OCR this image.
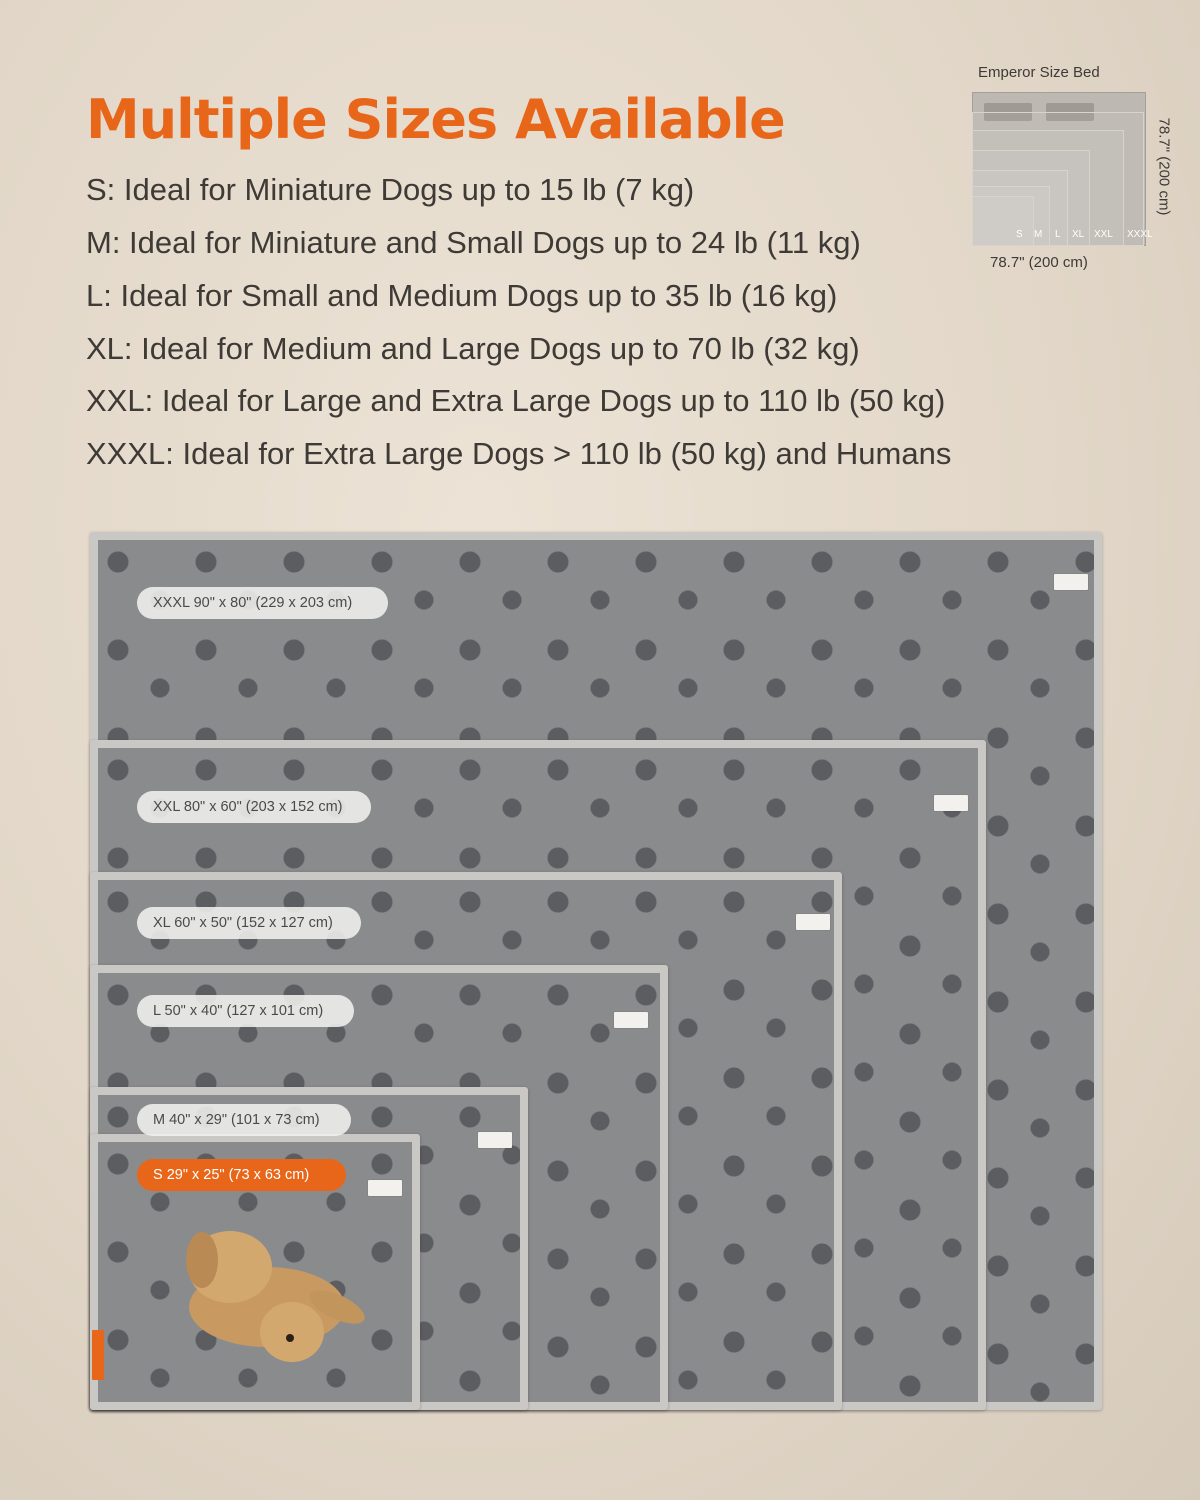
Multiple Sizes Available

S: Ideal for Miniature Dogs up to 15 lb (7 kg)

M: Ideal for Miniature and Small Dogs up to 24 lb (11 kg)

L: Ideal for Small and Medium Dogs up to 35 lb (16 kg)

XL: Ideal for Medium and Large Dogs up to 70 lb (32 kg)

XXL: Ideal for Large and Extra Large Dogs up to 110 lb (50 kg)

XXXL: Ideal for Extra Large Dogs > 110 lb (50 kg) and Humans

Emperor Size Bed
S M L XL XXL XXXL
78.7" (200 cm)
78.7" (200 cm)
XXXL 90" x 80" (229 x 203 cm)
XXL 80" x 60" (203 x 152 cm)
XL 60" x 50" (152 x 127 cm)
L 50" x 40" (127 x 101 cm)
M 40" x 29" (101 x 73 cm)
S 29" x 25" (73 x 63 cm)
